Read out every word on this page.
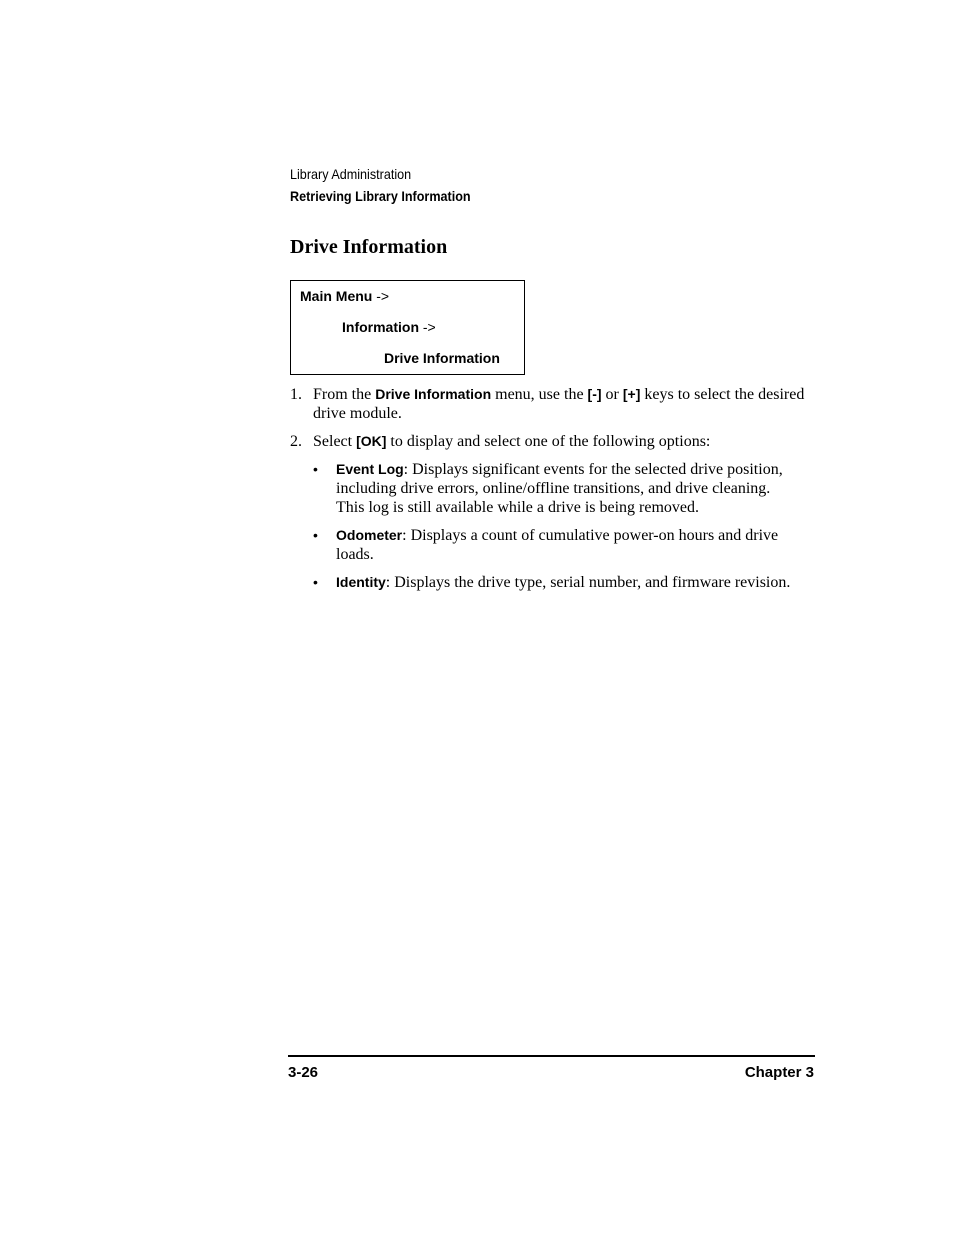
Library Administration
Retrieving Library Information
Drive Information
Main Menu ->
Information ->
Drive Information
1. From the Drive Information menu, use the [-] or [+] keys to select the desired drive module.
2. Select [OK] to display and select one of the following options:
• Event Log: Displays significant events for the selected drive position, including drive errors, online/offline transitions, and drive cleaning. This log is still available while a drive is being removed.
• Odometer: Displays a count of cumulative power-on hours and drive loads.
• Identity: Displays the drive type, serial number, and firmware revision.
3-26	Chapter 3
